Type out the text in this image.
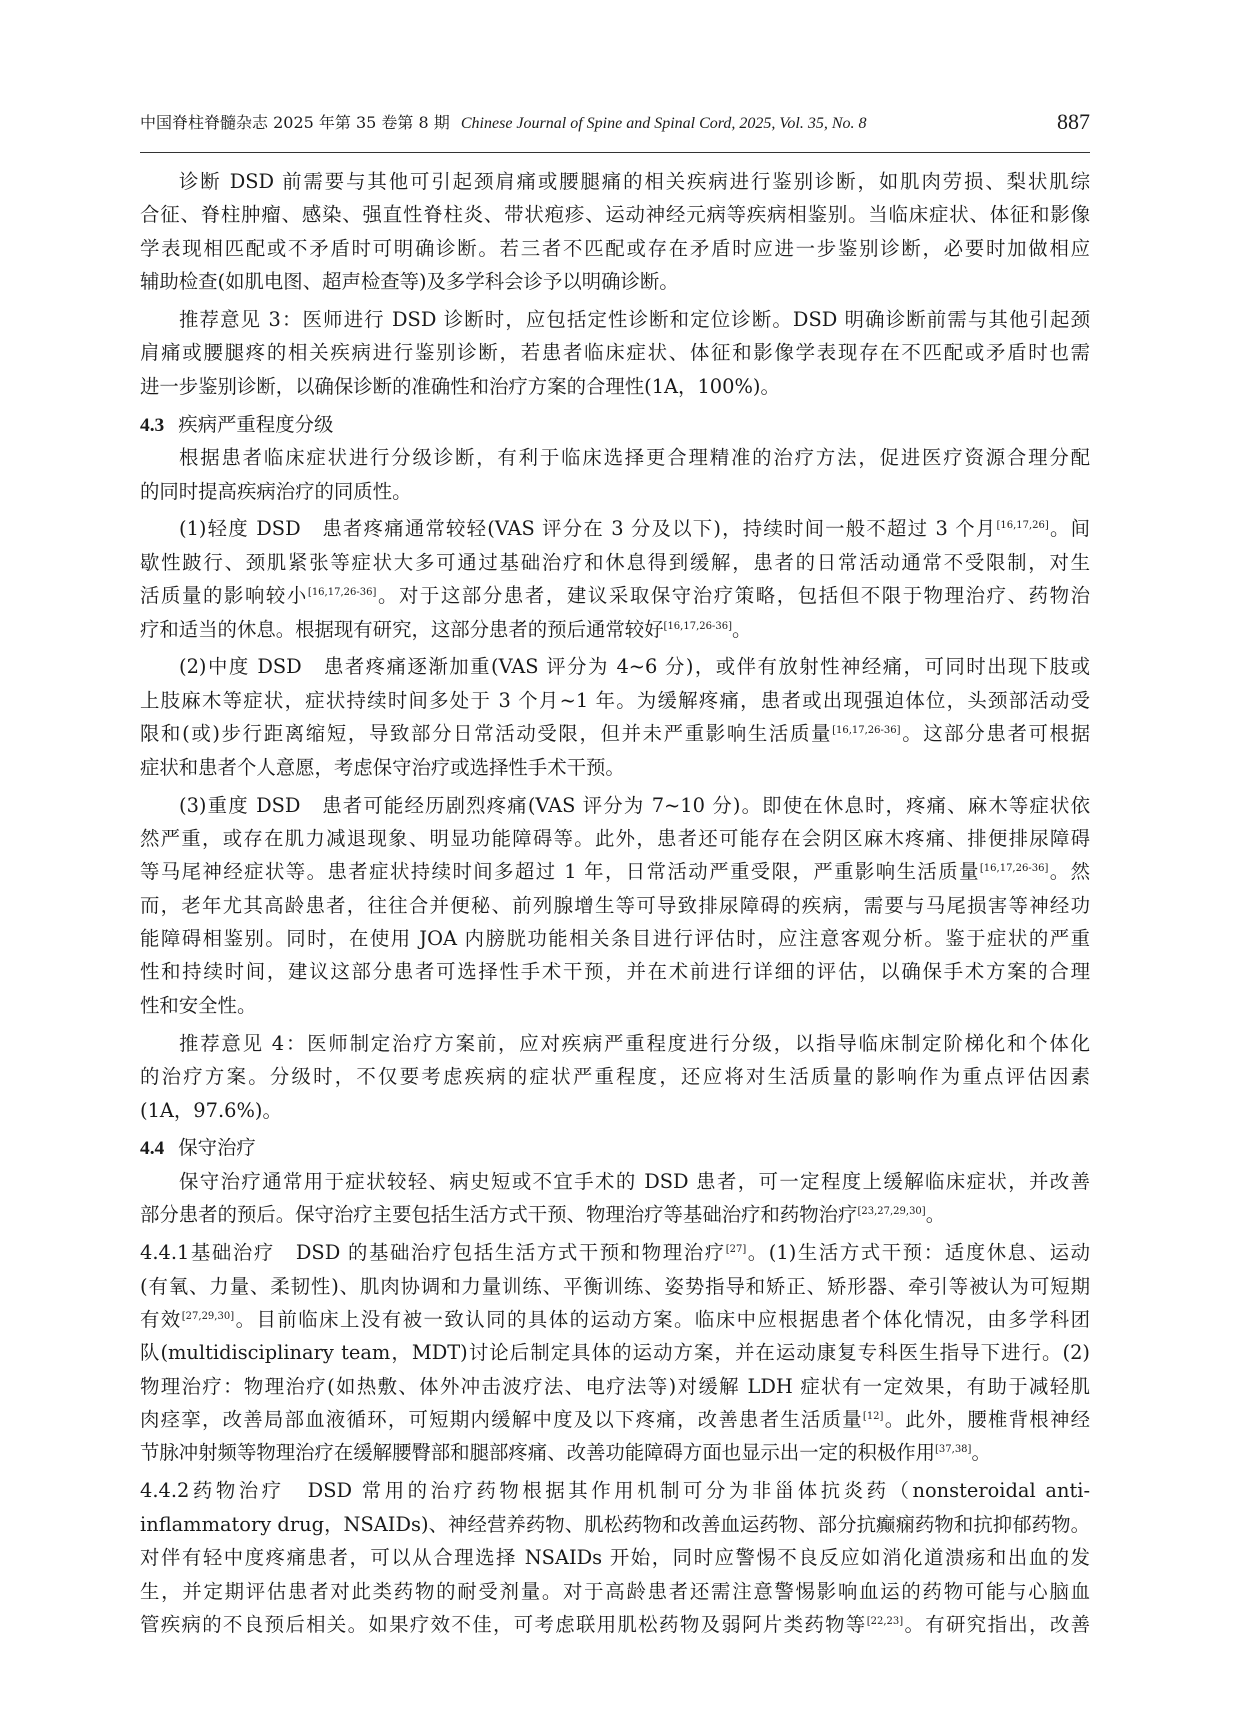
中国脊柱脊髓杂志 2025 年第 35 卷第 8 期 Chinese Journal of Spine and Spinal Cord, 2025, Vol. 35, No. 8	887
诊断 DSD 前需要与其他可引起颈肩痛或腰腿痛的相关疾病进行鉴别诊断，如肌肉劳损、梨状肌综
合征、脊柱肿瘤、感染、强直性脊柱炎、带状疱疹、运动神经元病等疾病相鉴别。当临床症状、体征和影像
学表现相匹配或不矛盾时可明确诊断。若三者不匹配或存在矛盾时应进一步鉴别诊断，必要时加做相应
辅助检查(如肌电图、超声检查等)及多学科会诊予以明确诊断。
推荐意见 3：医师进行 DSD 诊断时，应包括定性诊断和定位诊断。DSD 明确诊断前需与其他引起颈
肩痛或腰腿疼的相关疾病进行鉴别诊断，若患者临床症状、体征和影像学表现存在不匹配或矛盾时也需
进一步鉴别诊断，以确保诊断的准确性和治疗方案的合理性(1A，100%)。
4.3 疾病严重程度分级
根据患者临床症状进行分级诊断，有利于临床选择更合理精准的治疗方法，促进医疗资源合理分配
的同时提高疾病治疗的同质性。
(1)轻度 DSD　患者疼痛通常较轻(VAS 评分在 3 分及以下)，持续时间一般不超过 3 个月[16,17,26]。间
歇性跛行、颈肌紧张等症状大多可通过基础治疗和休息得到缓解，患者的日常活动通常不受限制，对生
活质量的影响较小[16,17,26-36]。对于这部分患者，建议采取保守治疗策略，包括但不限于物理治疗、药物治
疗和适当的休息。根据现有研究，这部分患者的预后通常较好[16,17,26-36]。
(2)中度 DSD　患者疼痛逐渐加重(VAS 评分为 4~6 分)，或伴有放射性神经痛，可同时出现下肢或
上肢麻木等症状，症状持续时间多处于 3 个月~1 年。为缓解疼痛，患者或出现强迫体位，头颈部活动受
限和(或)步行距离缩短，导致部分日常活动受限，但并未严重影响生活质量[16,17,26-36]。这部分患者可根据
症状和患者个人意愿，考虑保守治疗或选择性手术干预。
(3)重度 DSD　患者可能经历剧烈疼痛(VAS 评分为 7~10 分)。即使在休息时，疼痛、麻木等症状依
然严重，或存在肌力减退现象、明显功能障碍等。此外，患者还可能存在会阴区麻木疼痛、排便排尿障碍
等马尾神经症状等。患者症状持续时间多超过 1 年，日常活动严重受限，严重影响生活质量[16,17,26-36]。然
而，老年尤其高龄患者，往往合并便秘、前列腺增生等可导致排尿障碍的疾病，需要与马尾损害等神经功
能障碍相鉴别。同时，在使用 JOA 内膀胱功能相关条目进行评估时，应注意客观分析。鉴于症状的严重
性和持续时间，建议这部分患者可选择性手术干预，并在术前进行详细的评估，以确保手术方案的合理
性和安全性。
推荐意见 4：医师制定治疗方案前，应对疾病严重程度进行分级，以指导临床制定阶梯化和个体化
的治疗方案。分级时，不仅要考虑疾病的症状严重程度，还应将对生活质量的影响作为重点评估因素
(1A，97.6%)。
4.4 保守治疗
保守治疗通常用于症状较轻、病史短或不宜手术的 DSD 患者，可一定程度上缓解临床症状，并改善
部分患者的预后。保守治疗主要包括生活方式干预、物理治疗等基础治疗和药物治疗[23,27,29,30]。
4.4.1基础治疗　DSD 的基础治疗包括生活方式干预和物理治疗[27]。(1)生活方式干预：适度休息、运动
(有氧、力量、柔韧性)、肌肉协调和力量训练、平衡训练、姿势指导和矫正、矫形器、牵引等被认为可短期
有效[27,29,30]。目前临床上没有被一致认同的具体的运动方案。临床中应根据患者个体化情况，由多学科团
队(multidisciplinary team，MDT)讨论后制定具体的运动方案，并在运动康复专科医生指导下进行。(2)
物理治疗：物理治疗(如热敷、体外冲击波疗法、电疗法等)对缓解 LDH 症状有一定效果，有助于减轻肌
肉痉挛，改善局部血液循环，可短期内缓解中度及以下疼痛，改善患者生活质量[12]。此外，腰椎背根神经
节脉冲射频等物理治疗在缓解腰臀部和腿部疼痛、改善功能障碍方面也显示出一定的积极作用[37,38]。
4.4.2药物治疗　DSD 常用的治疗药物根据其作用机制可分为非甾体抗炎药（nonsteroidal anti-
inflammatory drug，NSAIDs)、神经营养药物、肌松药物和改善血运药物、部分抗癫痫药物和抗抑郁药物。
对伴有轻中度疼痛患者，可以从合理选择 NSAIDs 开始，同时应警惕不良反应如消化道溃疡和出血的发
生，并定期评估患者对此类药物的耐受剂量。对于高龄患者还需注意警惕影响血运的药物可能与心脑血
管疾病的不良预后相关。如果疗效不佳，可考虑联用肌松药物及弱阿片类药物等[22,23]。有研究指出，改善
